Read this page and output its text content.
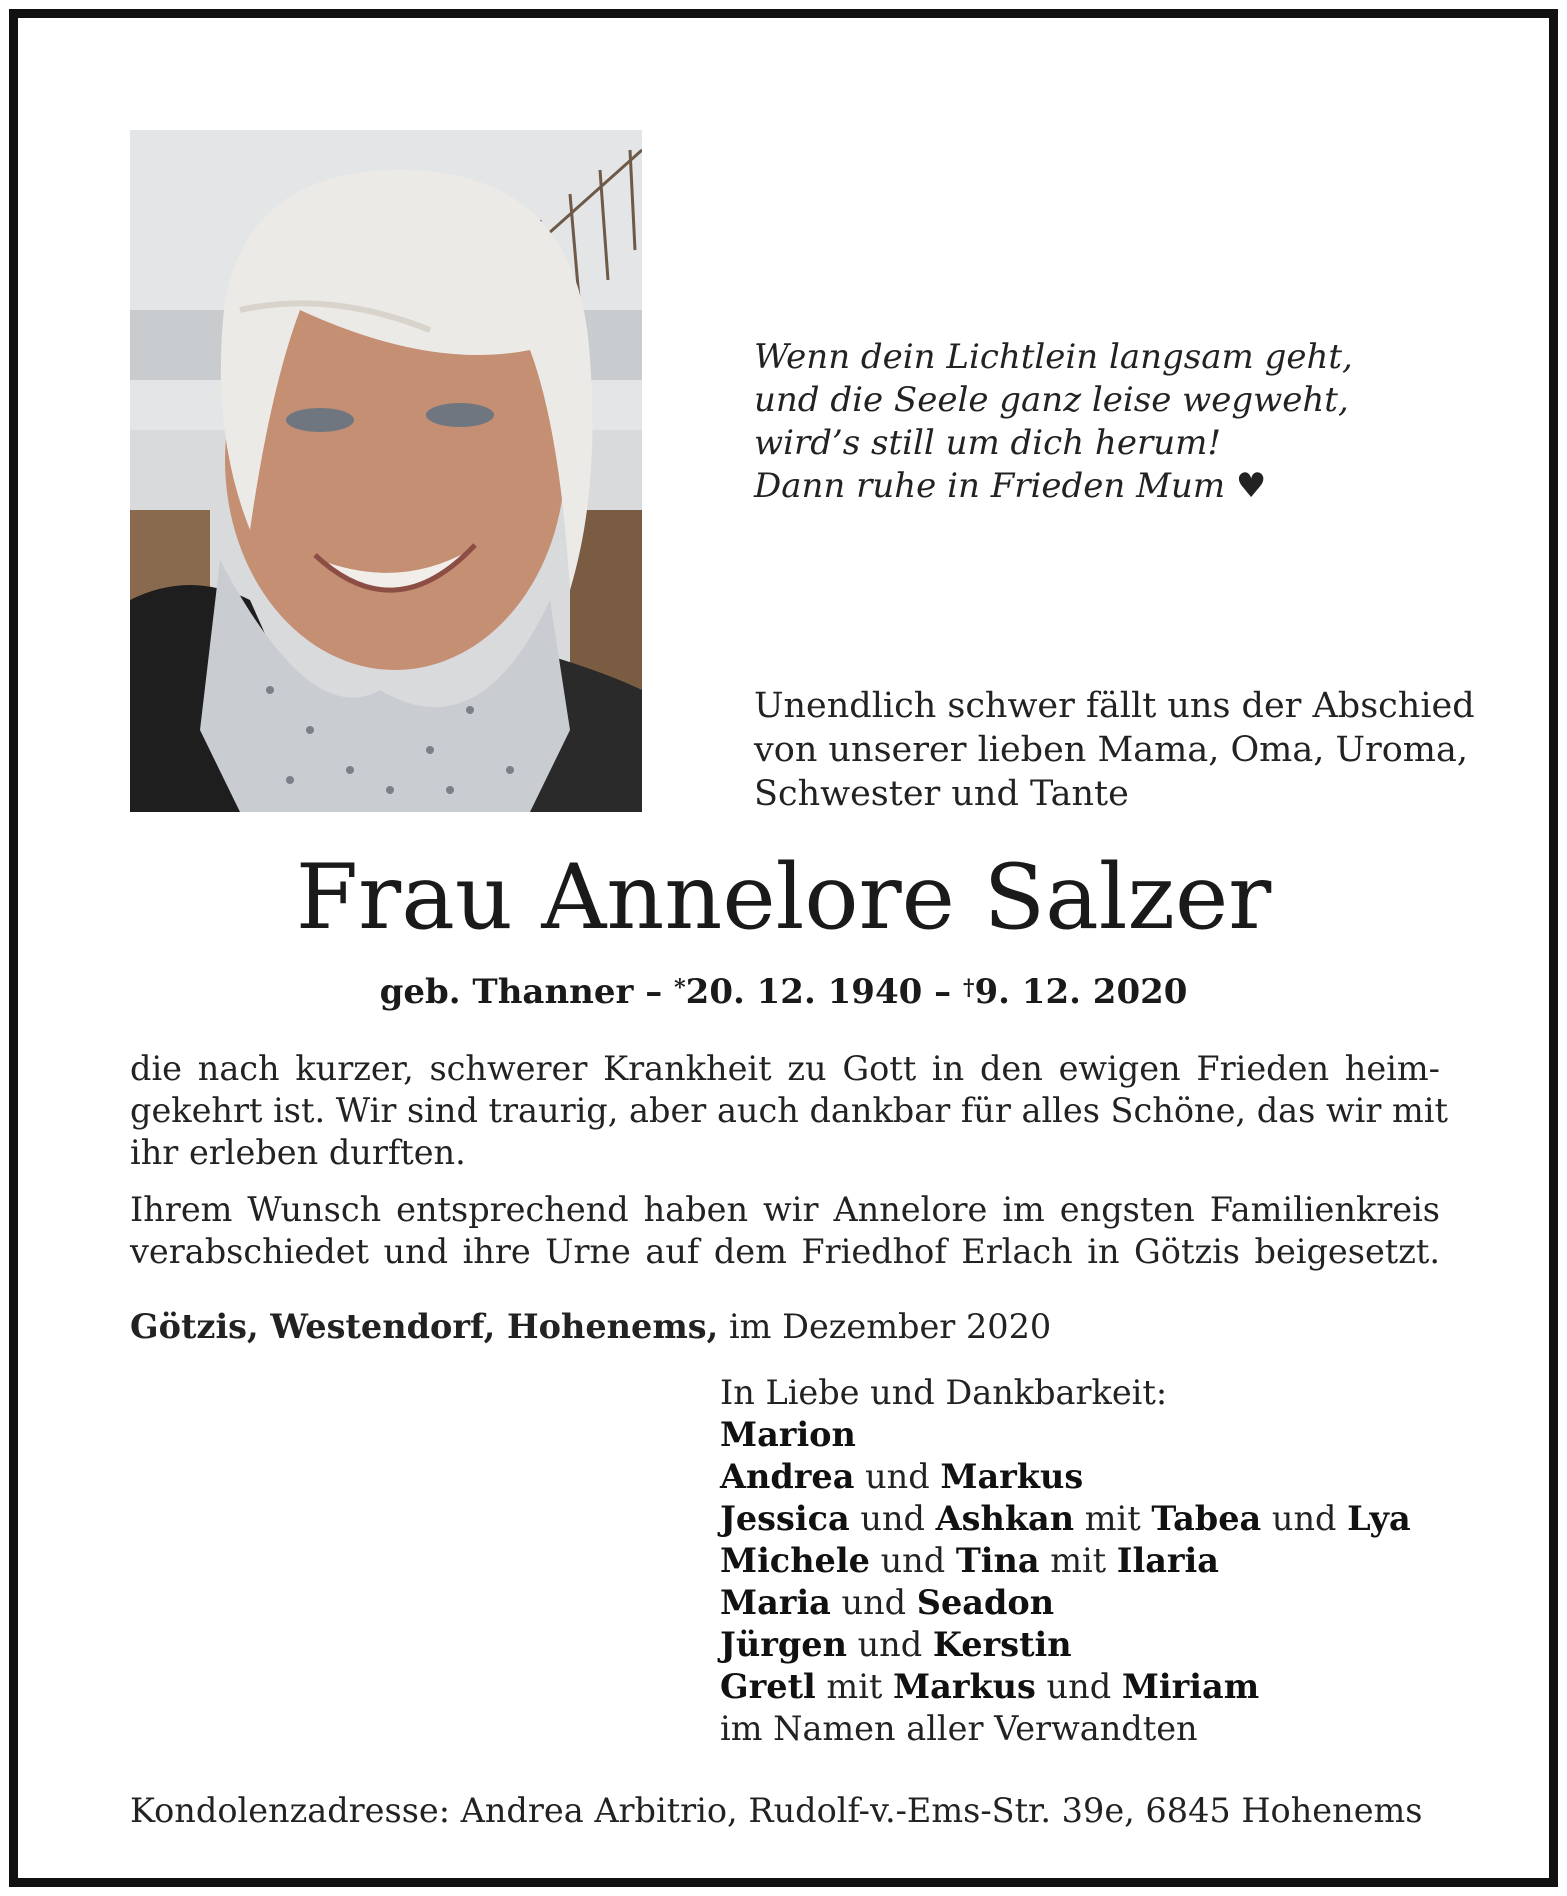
Wenn dein Lichtlein langsam geht,
und die Seele ganz leise wegweht,
wird’s still um dich herum!
Dann ruhe in Frieden Mum ♥
Unendlich schwer fällt uns der Abschied
von unserer lieben Mama, Oma, Uroma,
Schwester und Tante
Frau Annelore Salzer
geb. Thanner – *20. 12. 1940 – †9. 12. 2020
die nach kurzer, schwerer Krankheit zu Gott in den ewigen Frieden heim-
gekehrt ist. Wir sind traurig, aber auch dankbar für alles Schöne, das wir mit
ihr erleben durften.
Ihrem Wunsch entsprechend haben wir Annelore im engsten Familienkreis
verabschiedet und ihre Urne auf dem Friedhof Erlach in Götzis beigesetzt.
Götzis, Westendorf, Hohenems, im Dezember 2020
In Liebe und Dankbarkeit:
Marion
Andrea und Markus
Jessica und Ashkan mit Tabea und Lya
Michele und Tina mit Ilaria
Maria und Seadon
Jürgen und Kerstin
Gretl mit Markus und Miriam
im Namen aller Verwandten
Kondolenzadresse: Andrea Arbitrio, Rudolf-v.-Ems-Str. 39e, 6845 Hohenems
